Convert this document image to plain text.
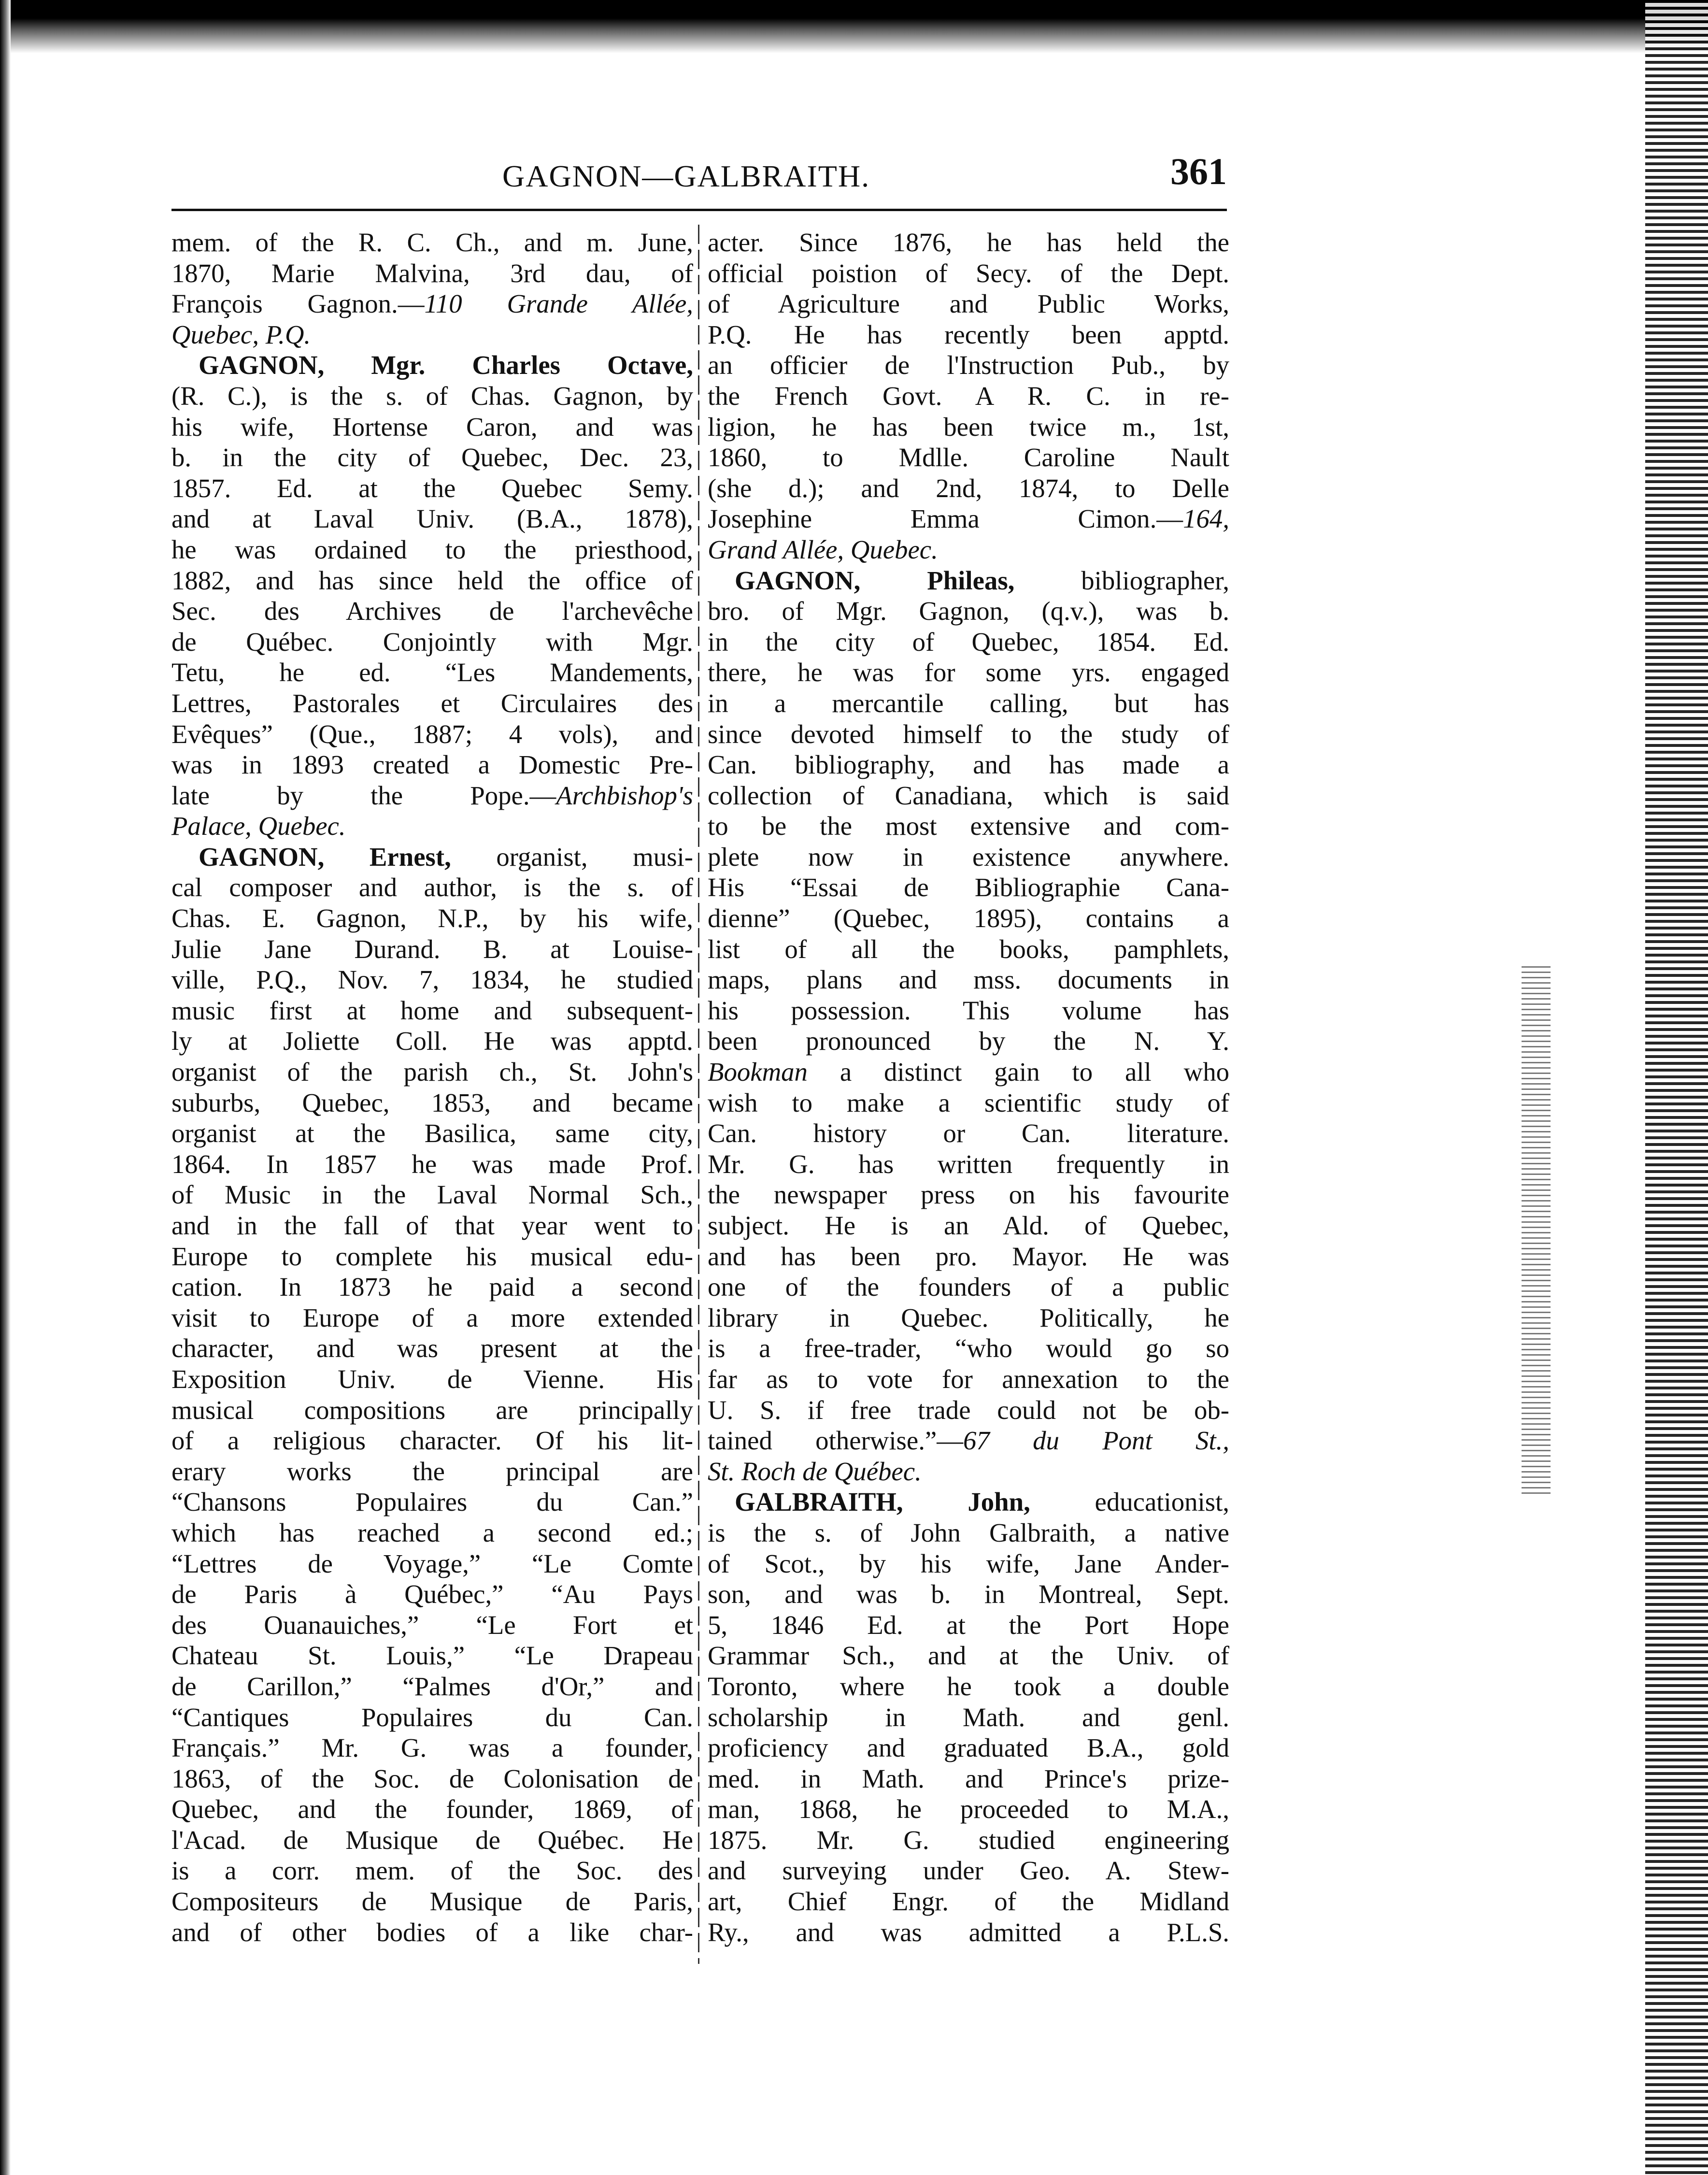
GAGNON—GALBRAITH.	361
mem. of the R. C. Ch., and m. June,
1870, Marie Malvina, 3rd dau, of
François Gagnon.—110 Grande Allée,
Quebec, P.Q.
GAGNON, Mgr. Charles Octave,
(R. C.), is the s. of Chas. Gagnon, by
his wife, Hortense Caron, and was
b. in the city of Quebec, Dec. 23,
1857. Ed. at the Quebec Semy.
and at Laval Univ. (B.A., 1878),
he was ordained to the priesthood,
1882, and has since held the office of
Sec. des Archives de l'archevêche
de Québec. Conjointly with Mgr.
Tetu, he ed. “Les Mandements,
Lettres, Pastorales et Circulaires des
Evêques” (Que., 1887; 4 vols), and
was in 1893 created a Domestic Pre-
late by the Pope.—Archbishop's
Palace, Quebec.
GAGNON, Ernest, organist, musi-
cal composer and author, is the s. of
Chas. E. Gagnon, N.P., by his wife,
Julie Jane Durand. B. at Louise-
ville, P.Q., Nov. 7, 1834, he studied
music first at home and subsequent-
ly at Joliette Coll. He was apptd.
organist of the parish ch., St. John's
suburbs, Quebec, 1853, and became
organist at the Basilica, same city,
1864. In 1857 he was made Prof.
of Music in the Laval Normal Sch.,
and in the fall of that year went to
Europe to complete his musical edu-
cation. In 1873 he paid a second
visit to Europe of a more extended
character, and was present at the
Exposition Univ. de Vienne. His
musical compositions are principally
of a religious character. Of his lit-
erary works the principal are
“Chansons Populaires du Can.”
which has reached a second ed.;
“Lettres de Voyage,” “Le Comte
de Paris à Québec,” “Au Pays
des Ouanauiches,” “Le Fort et
Chateau St. Louis,” “Le Drapeau
de Carillon,” “Palmes d'Or,” and
“Cantiques Populaires du Can.
Français.” Mr. G. was a founder,
1863, of the Soc. de Colonisation de
Quebec, and the founder, 1869, of
l'Acad. de Musique de Québec. He
is a corr. mem. of the Soc. des
Compositeurs de Musique de Paris,
and of other bodies of a like char-
acter. Since 1876, he has held the
official poistion of Secy. of the Dept.
of Agriculture and Public Works,
P.Q. He has recently been apptd.
an officier de l'Instruction Pub., by
the French Govt. A R. C. in re-
ligion, he has been twice m., 1st,
1860, to Mdlle. Caroline Nault
(she d.); and 2nd, 1874, to Delle
Josephine Emma Cimon.—164,
Grand Allée, Quebec.
GAGNON, Phileas, bibliographer,
bro. of Mgr. Gagnon, (q.v.), was b.
in the city of Quebec, 1854. Ed.
there, he was for some yrs. engaged
in a mercantile calling, but has
since devoted himself to the study of
Can. bibliography, and has made a
collection of Canadiana, which is said
to be the most extensive and com-
plete now in existence anywhere.
His “Essai de Bibliographie Cana-
dienne” (Quebec, 1895), contains a
list of all the books, pamphlets,
maps, plans and mss. documents in
his possession. This volume has
been pronounced by the N. Y.
Bookman a distinct gain to all who
wish to make a scientific study of
Can. history or Can. literature.
Mr. G. has written frequently in
the newspaper press on his favourite
subject. He is an Ald. of Quebec,
and has been pro. Mayor. He was
one of the founders of a public
library in Quebec. Politically, he
is a free-trader, “who would go so
far as to vote for annexation to the
U. S. if free trade could not be ob-
tained otherwise.”—67 du Pont St.,
St. Roch de Québec.
GALBRAITH, John, educationist,
is the s. of John Galbraith, a native
of Scot., by his wife, Jane Ander-
son, and was b. in Montreal, Sept.
5, 1846 Ed. at the Port Hope
Grammar Sch., and at the Univ. of
Toronto, where he took a double
scholarship in Math. and genl.
proficiency and graduated B.A., gold
med. in Math. and Prince's prize-
man, 1868, he proceeded to M.A.,
1875. Mr. G. studied engineering
and surveying under Geo. A. Stew-
art, Chief Engr. of the Midland
Ry., and was admitted a P.L.S.
